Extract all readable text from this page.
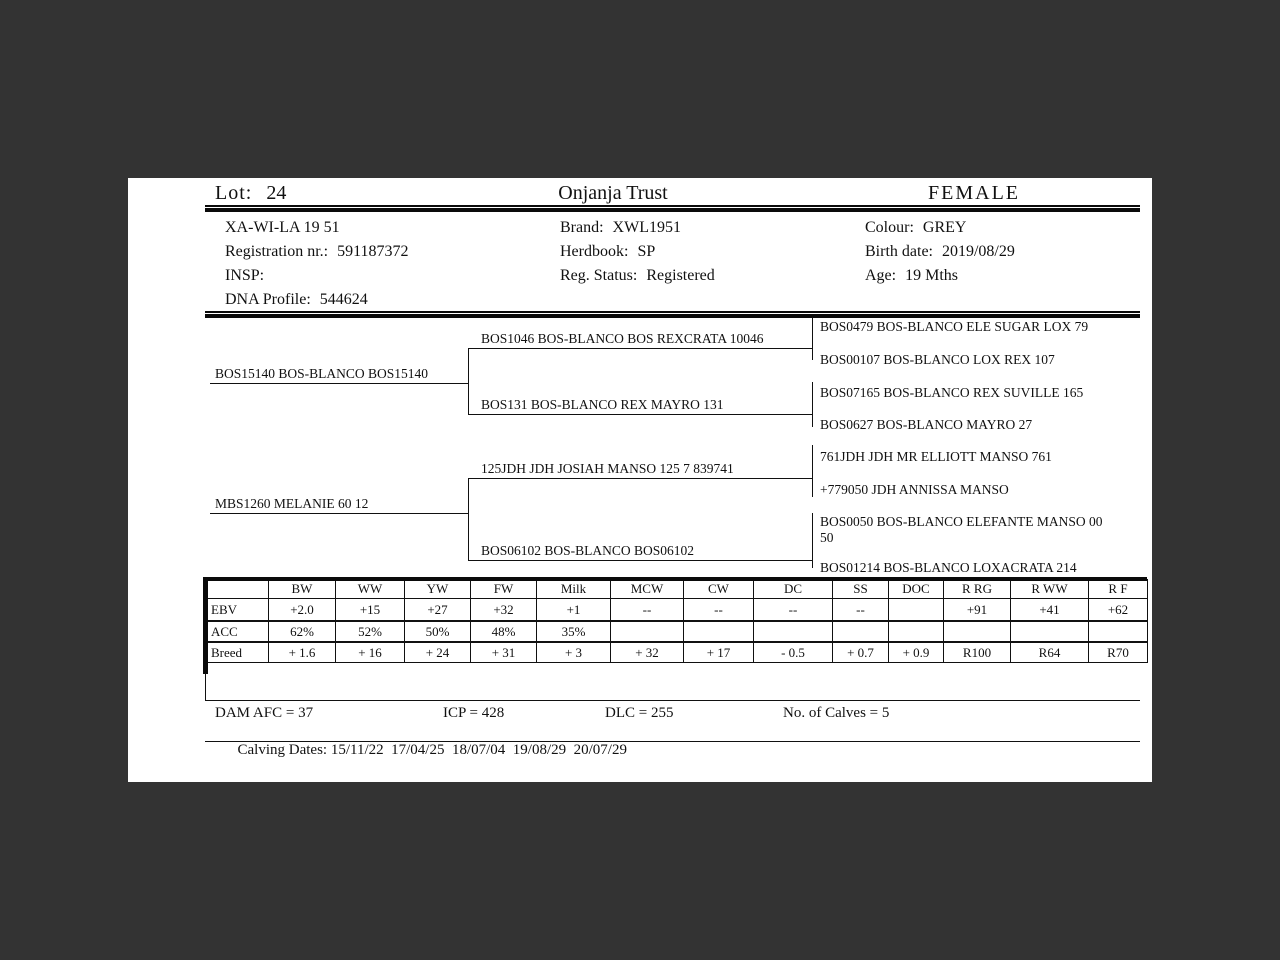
Lot: 24	Onjanja Trust	FEMALE
XA-WI-LA 19 51
Registration nr.: 591187372
INSP:
DNA Profile: 544624
Brand: XWL1951
Herdbook: SP
Reg. Status: Registered
Colour: GREY
Birth date: 2019/08/29
Age: 19 Mths
BOS15140 BOS-BLANCO BOS15140
MBS1260 MELANIE 60 12
BOS1046 BOS-BLANCO BOS REXCRATA 10046
BOS131 BOS-BLANCO REX MAYRO 131
125JDH JDH JOSIAH MANSO 125 7 839741
BOS06102 BOS-BLANCO BOS06102
BOS0479 BOS-BLANCO ELE SUGAR LOX 79
BOS00107 BOS-BLANCO LOX REX 107
BOS07165 BOS-BLANCO REX SUVILLE 165
BOS0627 BOS-BLANCO MAYRO 27
761JDH JDH MR ELLIOTT MANSO 761
+779050 JDH ANNISSA MANSO
BOS0050 BOS-BLANCO ELEFANTE MANSO 00 50
BOS01214 BOS-BLANCO LOXACRATA 214
	BW	WW	YW	FW	Milk	MCW	CW	DC	SS	DOC	R RG	R WW	R F
EBV	+2.0	+15	+27	+32	+1	--	--	--	--		+91	+41	+62
ACC	62%	52%	50%	48%	35%								
Breed	+ 1.6	+ 16	+ 24	+ 31	+ 3	+ 32	+ 17	- 0.5	+ 0.7	+ 0.9	R100	R64	R70
DAM AFC = 37	ICP = 428	DLC = 255	No. of Calves = 5

Calving Dates: 15/11/22  17/04/25  18/07/04  19/08/29  20/07/29
